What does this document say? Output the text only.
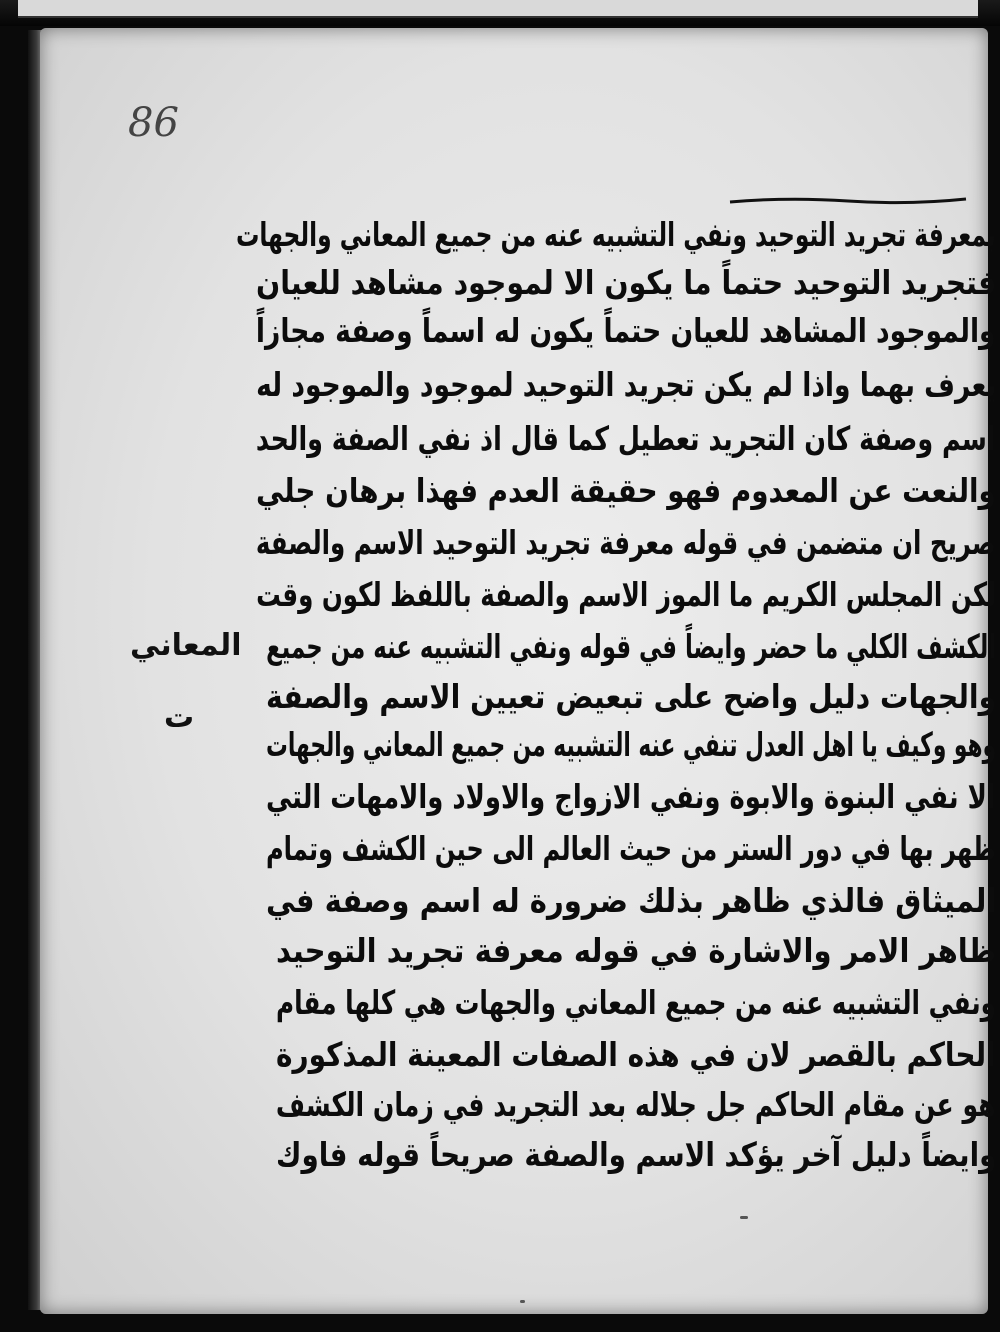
86
بمعرفة تجريد التوحيد ونفي التشبيه عنه من جميع المعاني والجهات
فتجريد التوحيد حتماً ما يكون الا لموجود مشاهد للعيان
والموجود المشاهد للعيان حتماً يكون له اسماً وصفة مجازاً
يعرف بهما واذا لم يكن تجريد التوحيد لموجود والموجود له
اسم وصفة كان التجريد تعطيل كما قال اذ نفي الصفة والحد
والنعت عن المعدوم فهو حقيقة العدم فهذا برهان جلي
صريح ان متضمن في قوله معرفة تجريد التوحيد الاسم والصفة
لكن المجلس الكريم ما الموز الاسم والصفة باللفظ لكون وقت
الكشف الكلي ما حضر وايضاً في قوله ونفي التشبيه عنه من جميع
والجهات دليل واضح على تبعيض تعيين الاسم والصفة
وهو وكيف يا اهل العدل تنفي عنه التشبيه من جميع المعاني والجهات
الا نفي البنوة والابوة ونفي الازواج والاولاد والامهات التي
ظهر بها في دور الستر من حيث العالم الى حين الكشف وتمام
الميثاق فالذي ظاهر بذلك ضرورة له اسم وصفة في
ظاهر الامر والاشارة في قوله معرفة تجريد التوحيد
ونفي التشبيه عنه من جميع المعاني والجهات هي كلها مقام
الحاكم بالقصر لان في هذه الصفات المعينة المذكورة
هو عن مقام الحاكم جل جلاله بعد التجريد في زمان الكشف
وايضاً دليل آخر يؤكد الاسم والصفة صريحاً قوله فاوك
المعاني
ت
